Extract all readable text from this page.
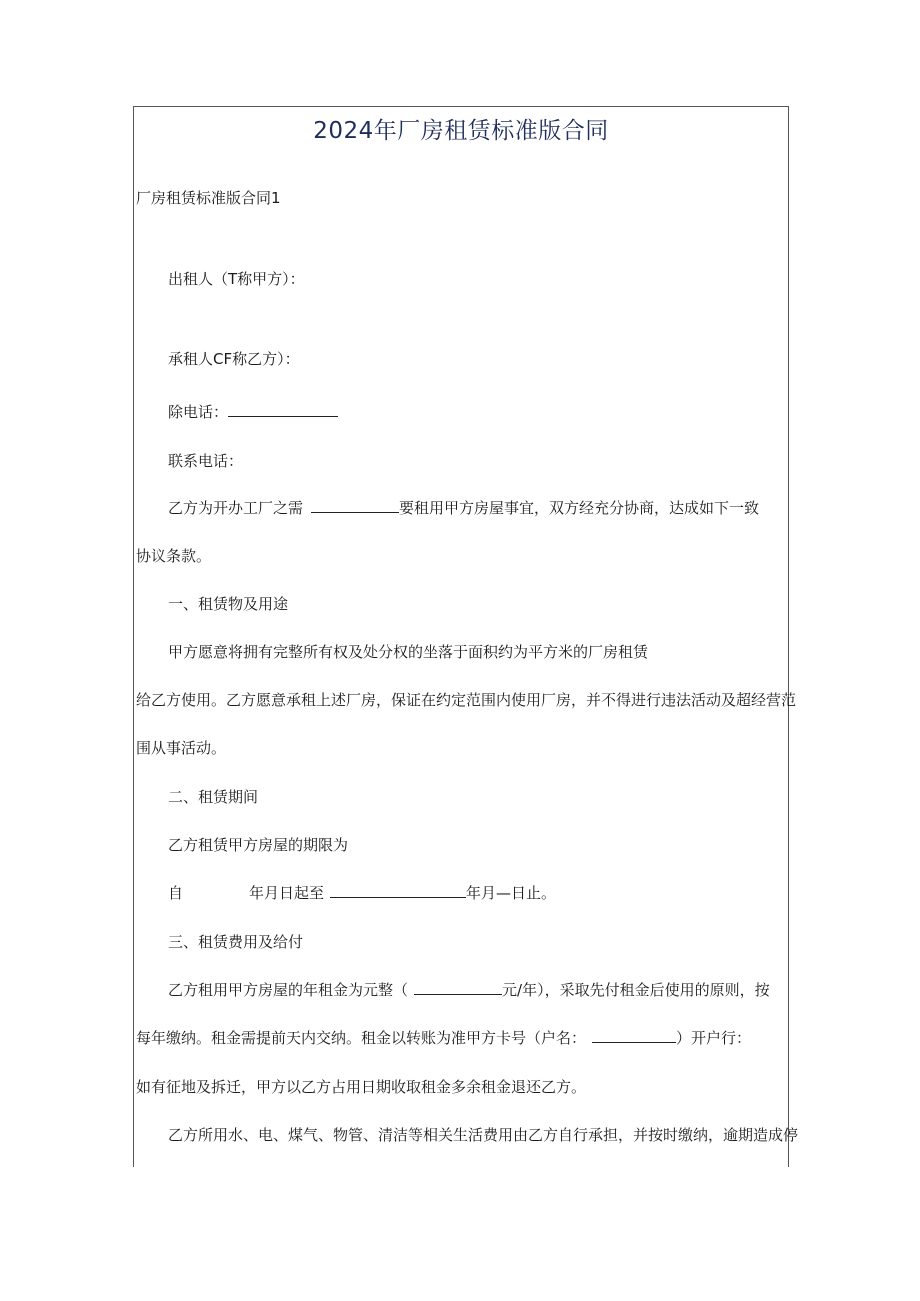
2024年厂房租赁标准版合同
厂房租赁标准版合同1
出租人（T称甲方）：
承租人CF称乙方）：
除电话：
联系电话：
乙方为开办工厂之需	要租用甲方房屋事宜，双方经充分协商，达成如下一致
协议条款。
一、租赁物及用途
甲方愿意将拥有完整所有权及处分权的坐落于面积约为平方米的厂房租赁
给乙方使用。乙方愿意承租上述厂房，保证在约定范围内使用厂房，并不得进行违法活动及超经营范
围从事活动。
二、租赁期间
乙方租赁甲方房屋的期限为
自	年月日起至	年月—日止。
三、租赁费用及给付
乙方租用甲方房屋的年租金为元整（	元/年），采取先付租金后使用的原则，按
每年缴纳。租金需提前天内交纳。租金以转账为准甲方卡号（户名：	）开户行：
如有征地及拆迁，甲方以乙方占用日期收取租金多余租金退还乙方。
乙方所用水、电、煤气、物管、清洁等相关生活费用由乙方自行承担，并按时缴纳，逾期造成停
